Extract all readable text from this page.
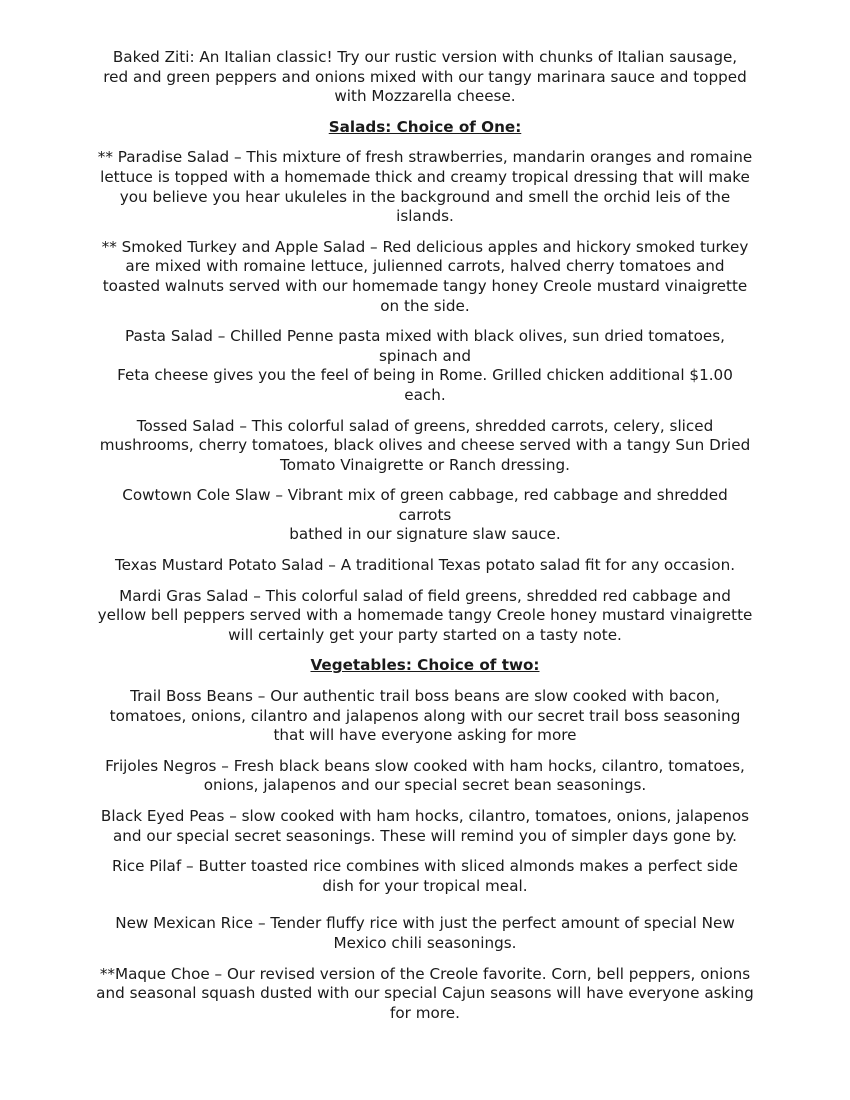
Baked Ziti: An Italian classic! Try our rustic version with chunks of Italian sausage,
red and green peppers and onions mixed with our tangy marinara sauce and topped
with Mozzarella cheese.

Salads: Choice of One:

** Paradise Salad – This mixture of fresh strawberries, mandarin oranges and romaine
lettuce is topped with a homemade thick and creamy tropical dressing that will make
you believe you hear ukuleles in the background and smell the orchid leis of the
islands.

** Smoked Turkey and Apple Salad – Red delicious apples and hickory smoked turkey
are mixed with romaine lettuce, julienned carrots, halved cherry tomatoes and
toasted walnuts served with our homemade tangy honey Creole mustard vinaigrette
on the side.

Pasta Salad – Chilled Penne pasta mixed with black olives, sun dried tomatoes,
spinach and
Feta cheese gives you the feel of being in Rome. Grilled chicken additional $1.00
each.

Tossed Salad – This colorful salad of greens, shredded carrots, celery, sliced
mushrooms, cherry tomatoes, black olives and cheese served with a tangy Sun Dried
Tomato Vinaigrette or Ranch dressing.

Cowtown Cole Slaw – Vibrant mix of green cabbage, red cabbage and shredded carrots
bathed in our signature slaw sauce.

Texas Mustard Potato Salad – A traditional Texas potato salad fit for any occasion.

Mardi Gras Salad – This colorful salad of field greens, shredded red cabbage and
yellow bell peppers served with a homemade tangy Creole honey mustard vinaigrette
will certainly get your party started on a tasty note.

Vegetables: Choice of two:

Trail Boss Beans – Our authentic trail boss beans are slow cooked with bacon,
tomatoes, onions, cilantro and jalapenos along with our secret trail boss seasoning
that will have everyone asking for more

Frijoles Negros – Fresh black beans slow cooked with ham hocks, cilantro, tomatoes,
onions, jalapenos and our special secret bean seasonings.

Black Eyed Peas – slow cooked with ham hocks, cilantro, tomatoes, onions, jalapenos
and our special secret seasonings. These will remind you of simpler days gone by.

Rice Pilaf – Butter toasted rice combines with sliced almonds makes a perfect side
dish for your tropical meal.

New Mexican Rice – Tender fluffy rice with just the perfect amount of special New
Mexico chili seasonings.

**Maque Choe – Our revised version of the Creole favorite. Corn, bell peppers, onions
and seasonal squash dusted with our special Cajun seasons will have everyone asking
for more.
